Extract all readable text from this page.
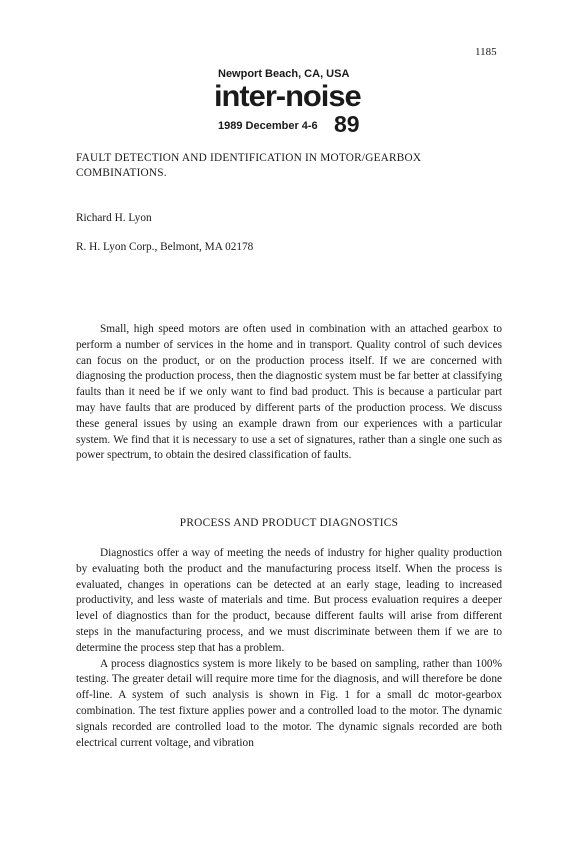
1185
Newport Beach, CA, USA
inter-noise
1989 December 4-6 89
FAULT DETECTION AND IDENTIFICATION IN MOTOR/GEARBOX COMBINATIONS.
Richard H. Lyon
R. H. Lyon Corp., Belmont, MA 02178

Small, high speed motors are often used in combination with an attached gearbox to perform a number of services in the home and in transport. Quality control of such devices can focus on the product, or on the production process itself. If we are concerned with diagnosing the production process, then the diagnostic system must be far better at classifying faults than it need be if we only want to find bad product. This is because a particular part may have faults that are produced by different parts of the production process. We discuss these general issues by using an example drawn from our experiences with a particular system. We find that it is necessary to use a set of signatures, rather than a single one such as power spectrum, to obtain the desired classification of faults.

PROCESS AND PRODUCT DIAGNOSTICS

Diagnostics offer a way of meeting the needs of industry for higher quality production by evaluating both the product and the manufacturing process itself. When the process is evaluated, changes in operations can be detected at an early stage, leading to increased productivity, and less waste of materials and time. But process evaluation requires a deeper level of diagnostics than for the product, because different faults will arise from different steps in the manufacturing process, and we must discriminate between them if we are to determine the process step that has a problem.

A process diagnostics system is more likely to be based on sampling, rather than 100% testing. The greater detail will require more time for the diagnosis, and will therefore be done off-line. A system of such analysis is shown in Fig. 1 for a small dc motor-gearbox combination. The test fixture applies power and a controlled load to the motor. The dynamic signals recorded are controlled load to the motor. The dynamic signals recorded are both electrical current voltage, and vibration
